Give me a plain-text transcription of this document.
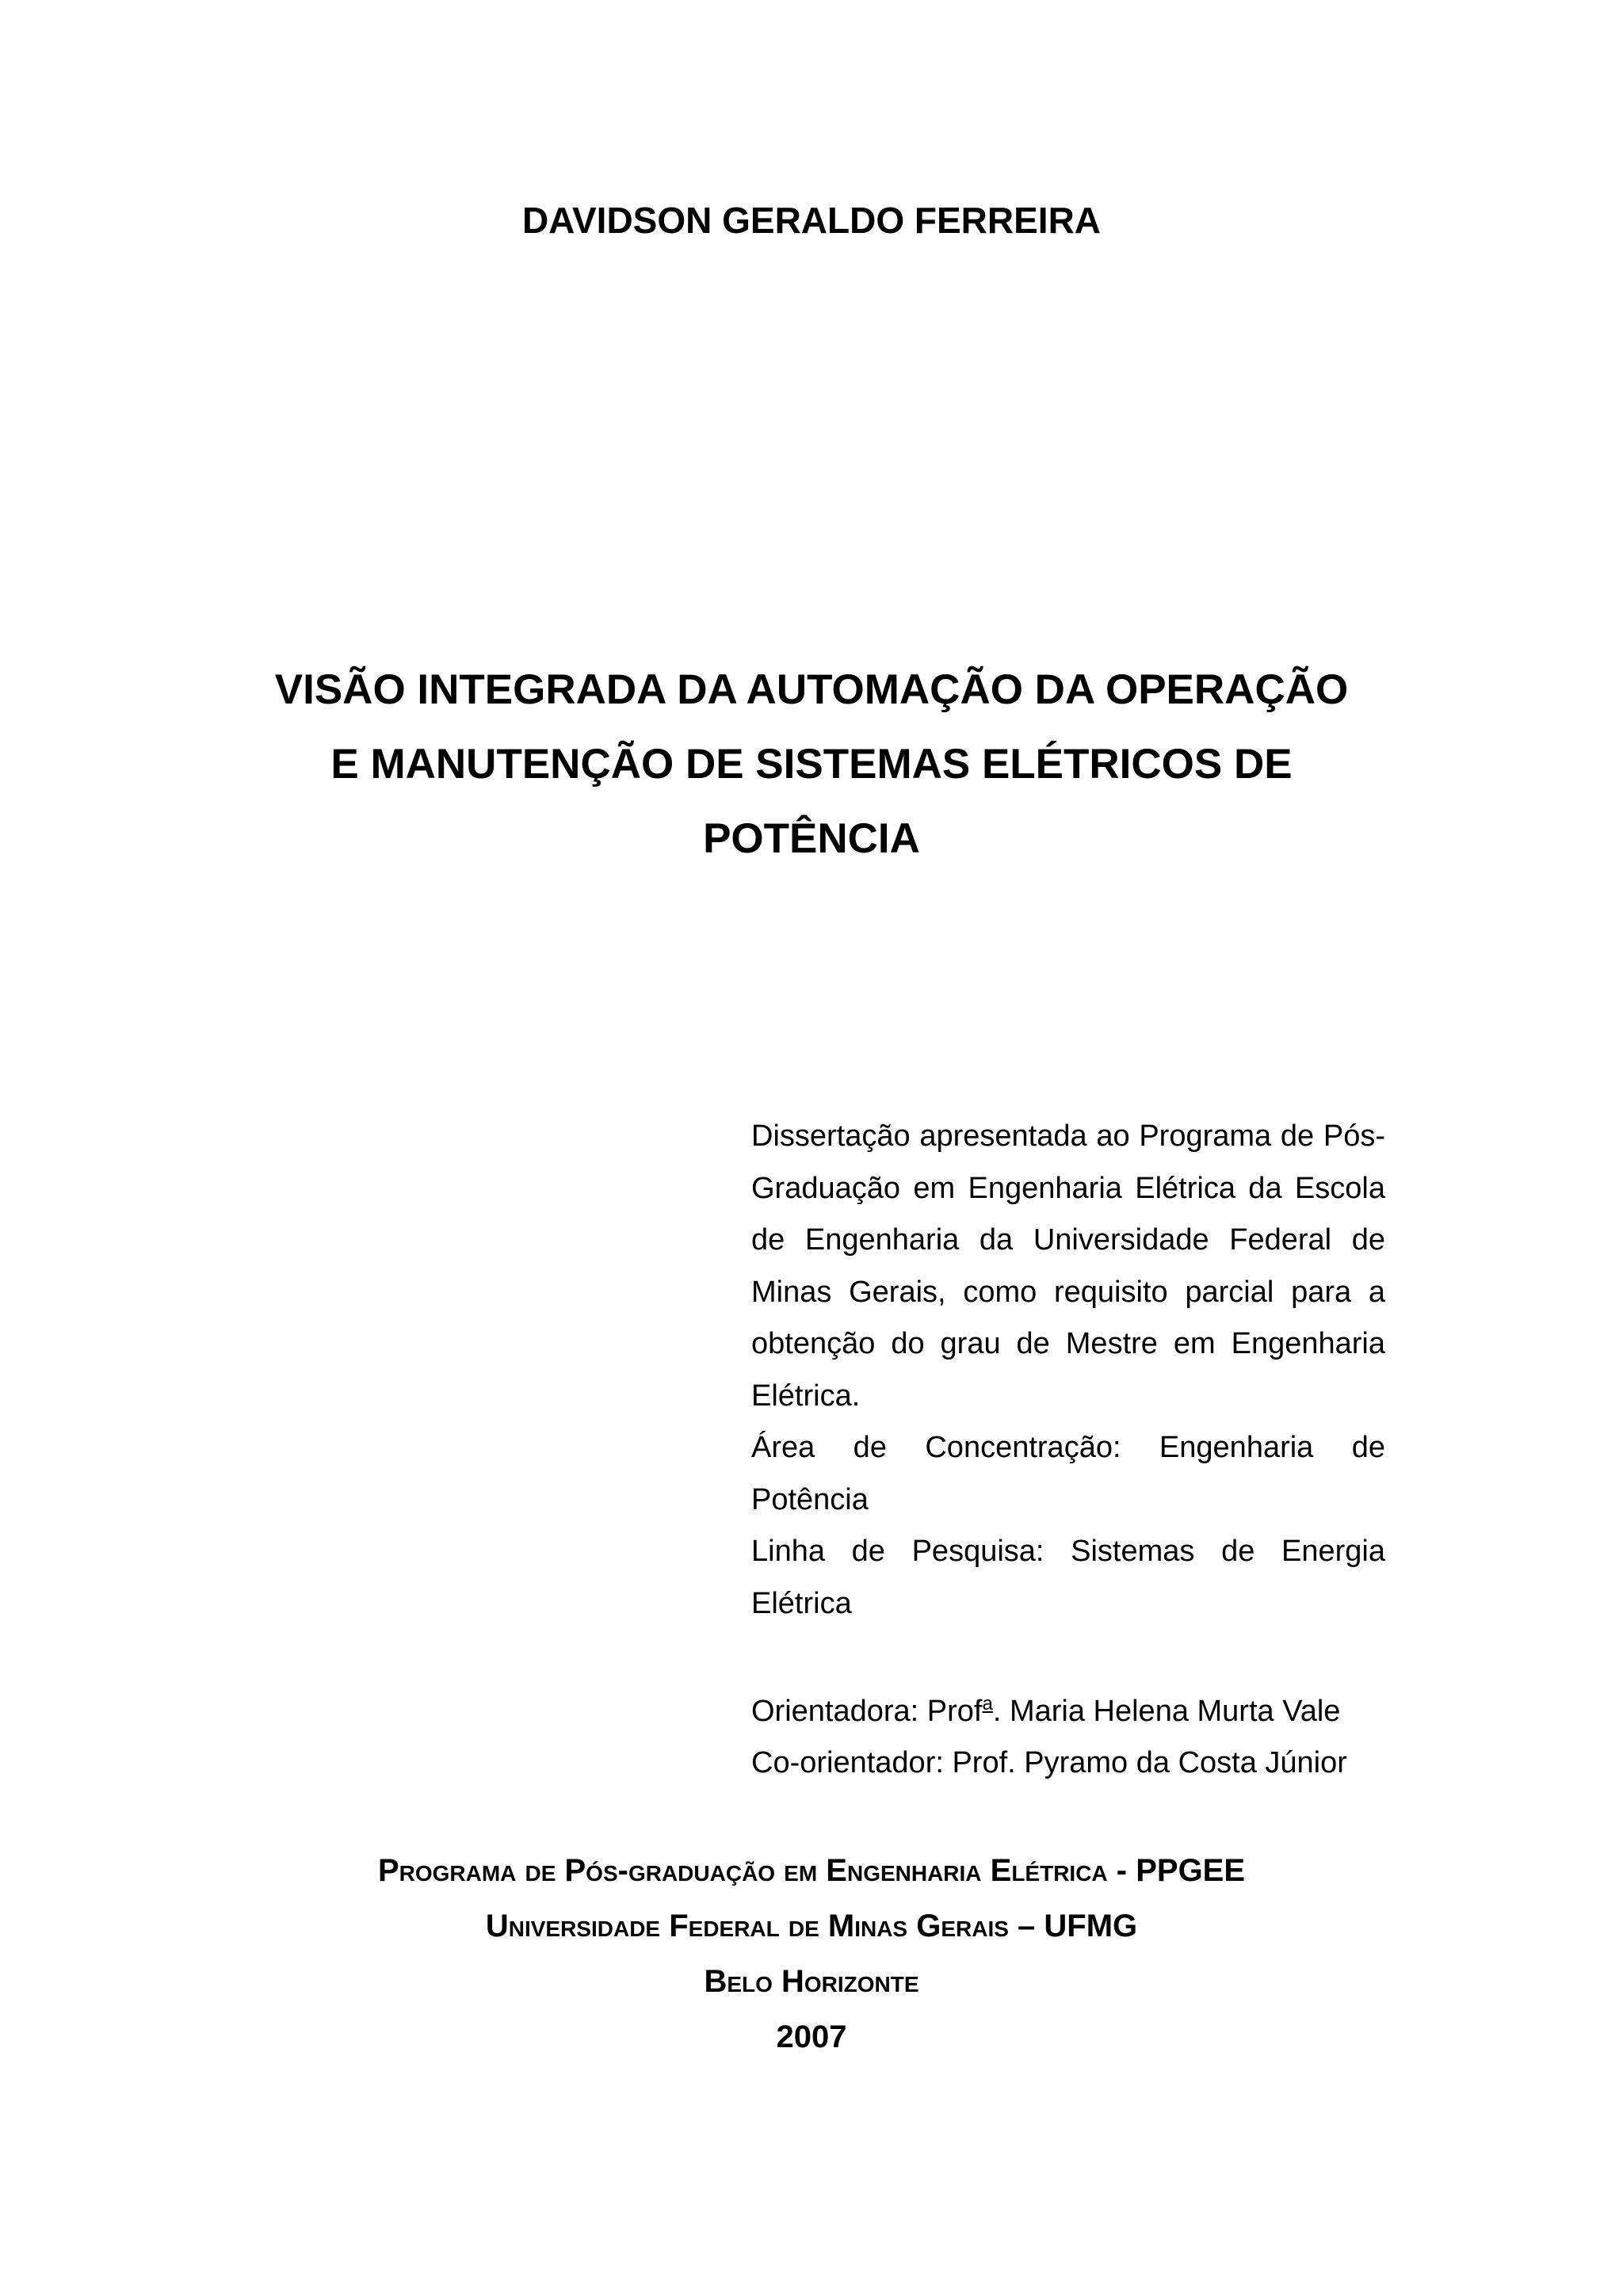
DAVIDSON GERALDO FERREIRA
VISÃO INTEGRADA DA AUTOMAÇÃO DA OPERAÇÃO
E MANUTENÇÃO DE SISTEMAS ELÉTRICOS DE
POTÊNCIA
Dissertação apresentada ao Programa de Pós-Graduação em Engenharia Elétrica da Escola de Engenharia da Universidade Federal de Minas Gerais, como requisito parcial para a obtenção do grau de Mestre em Engenharia Elétrica.
Área de Concentração: Engenharia de Potência
Linha de Pesquisa: Sistemas de Energia Elétrica
Orientadora: Prof$^a$. Maria Helena Murta Vale
Co-orientador: Prof. Pyramo da Costa Júnior
Programa de Pós-graduação em Engenharia Elétrica - PPGEE
Universidade Federal de Minas Gerais – UFMG
Belo Horizonte
2007
